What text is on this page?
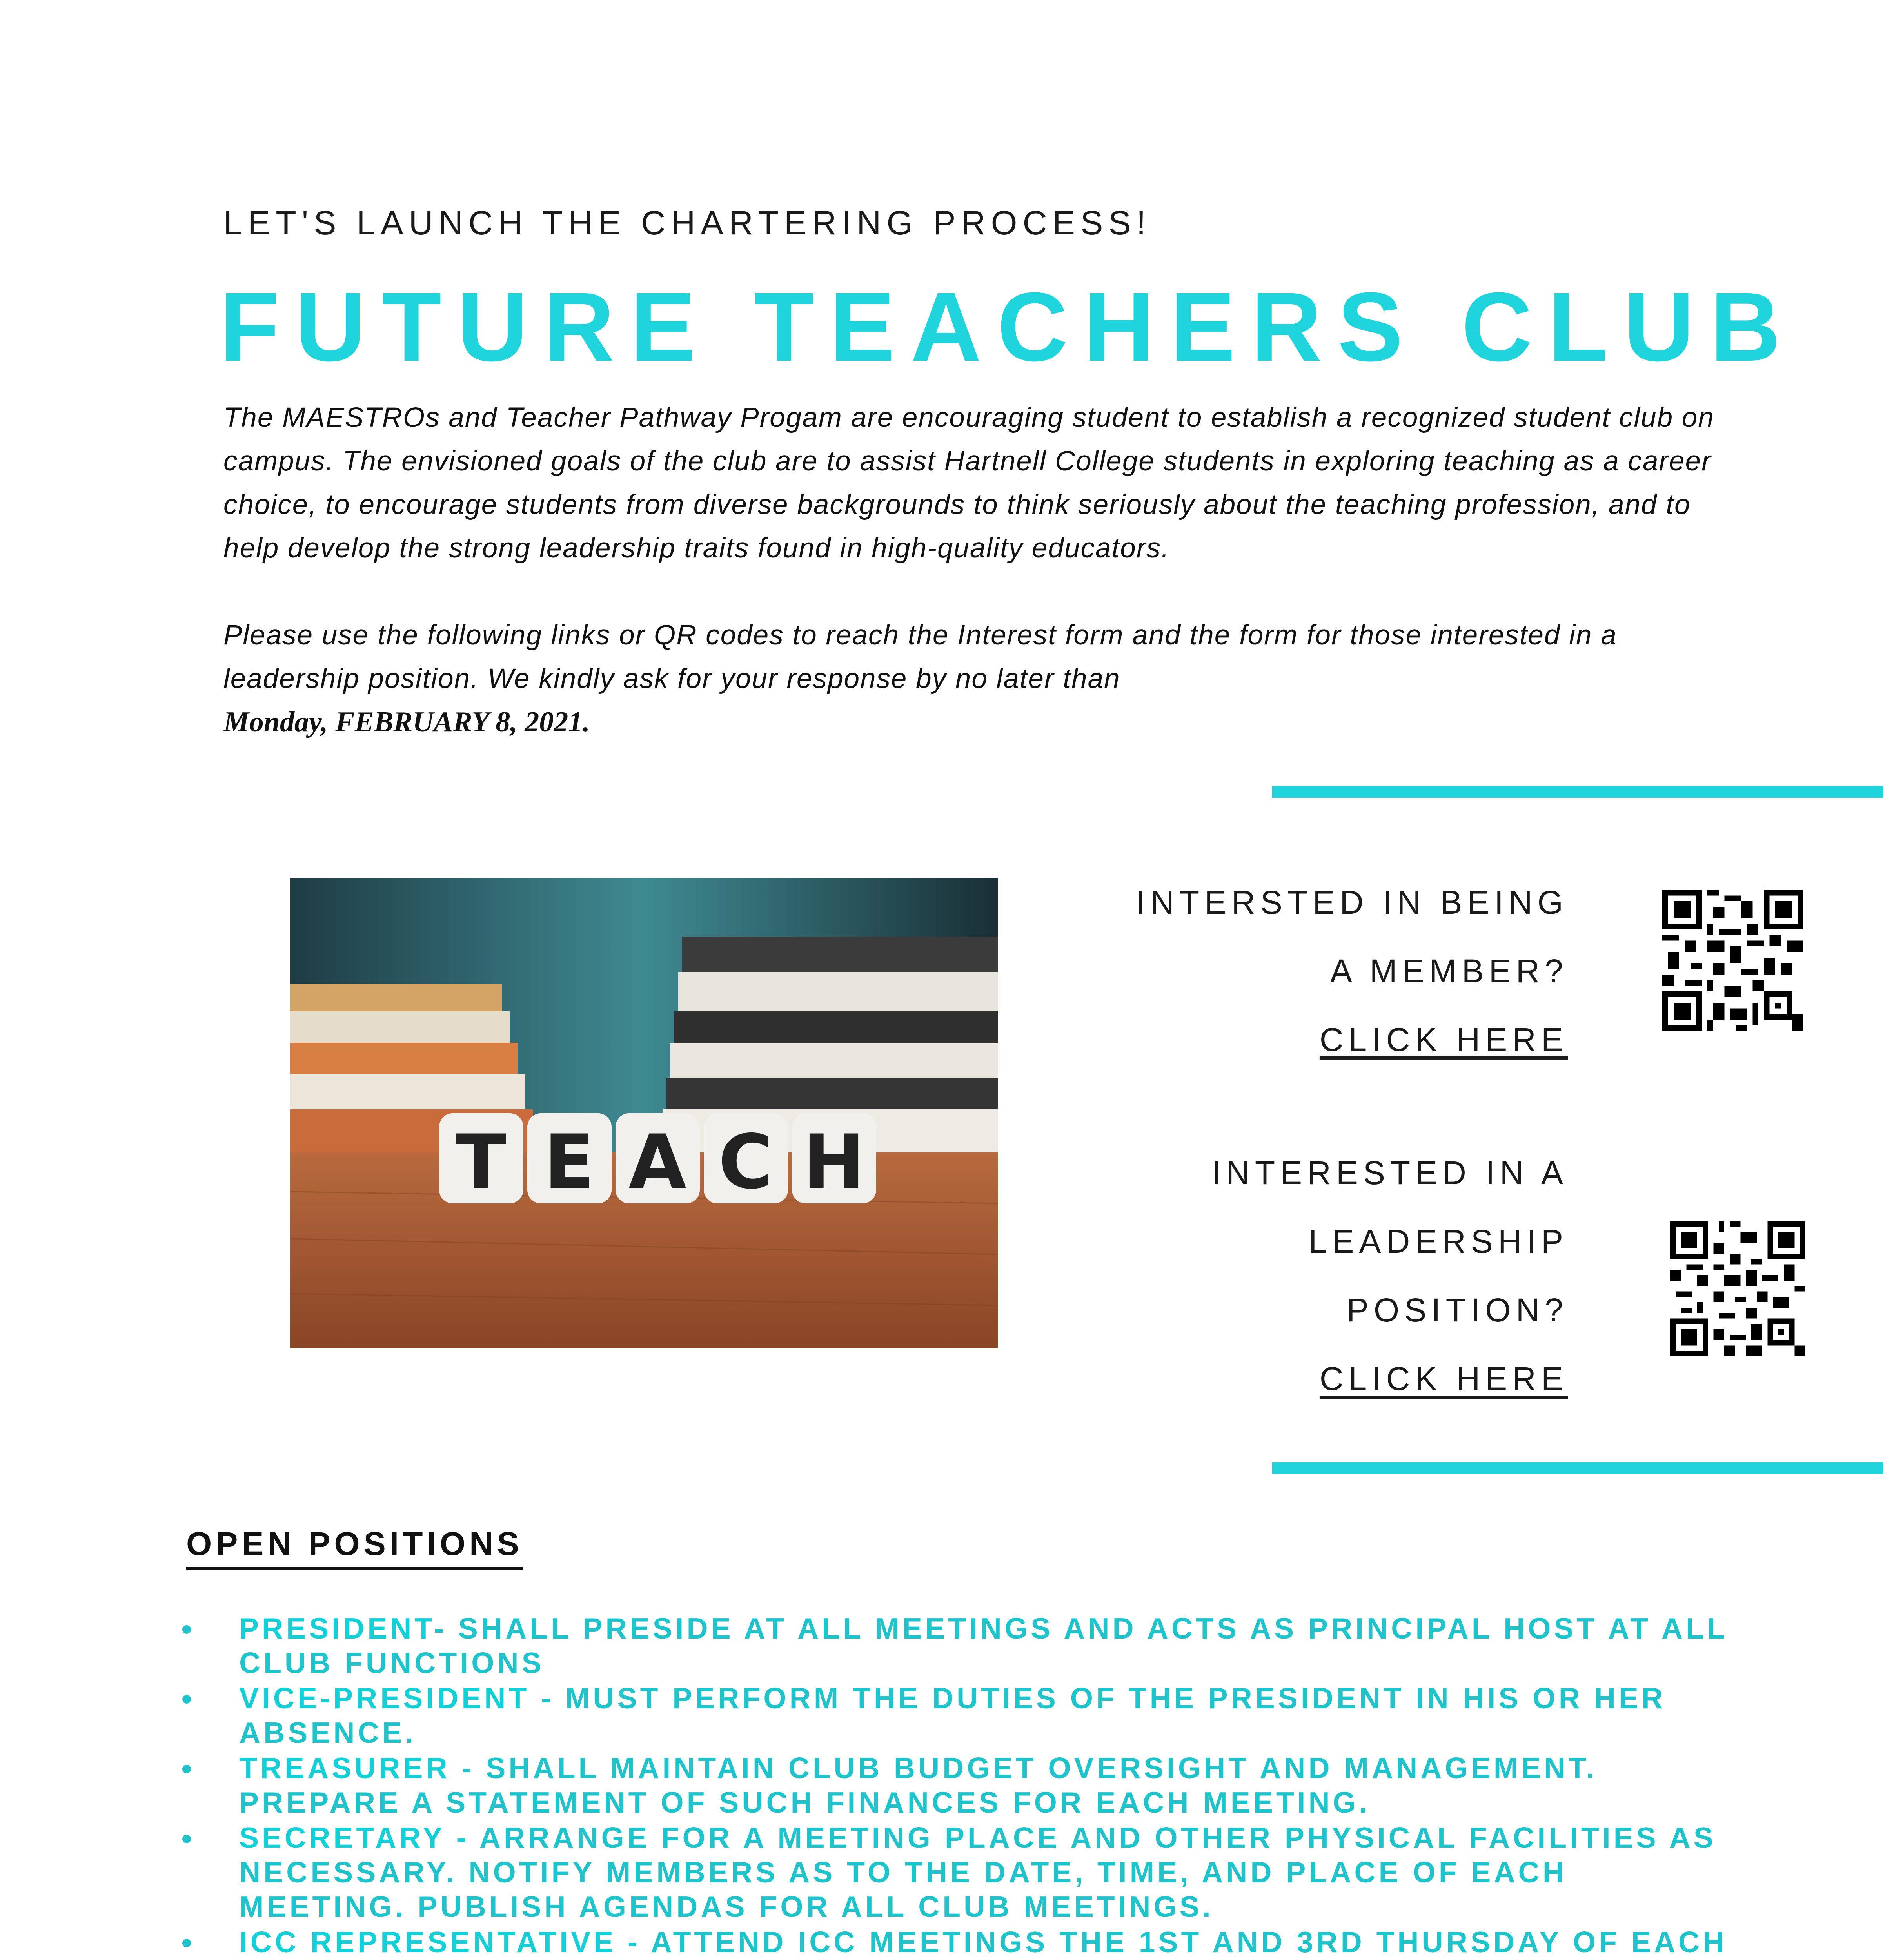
LET'S LAUNCH THE CHARTERING PROCESS!
FUTURE TEACHERS CLUB
The MAESTROs and Teacher Pathway Progam are encouraging student to establish a recognized student club on campus. The envisioned goals of the club are to assist Hartnell College students in exploring teaching as a career choice, to encourage students from diverse backgrounds to think seriously about the teaching profession, and to help develop the strong leadership traits found in high-quality educators.
Please use the following links or QR codes to reach the Interest form and the form for those interested in a leadership position. We kindly ask for your response by no later than
Monday, FEBRUARY 8, 2021.
T E A C H
INTERSTED IN BEING
A MEMBER?
CLICK HERE
INTERESTED IN A
LEADERSHIP
POSITION?
CLICK HERE
OPEN POSITIONS
PRESIDENT- SHALL PRESIDE AT ALL MEETINGS AND ACTS AS PRINCIPAL HOST AT ALL CLUB FUNCTIONS
VICE-PRESIDENT - MUST PERFORM THE DUTIES OF THE PRESIDENT IN HIS OR HER ABSENCE.
TREASURER - SHALL MAINTAIN CLUB BUDGET OVERSIGHT AND MANAGEMENT. PREPARE A STATEMENT OF SUCH FINANCES FOR EACH MEETING.
SECRETARY - ARRANGE FOR A MEETING PLACE AND OTHER PHYSICAL FACILITIES AS NECESSARY. NOTIFY MEMBERS AS TO THE DATE, TIME, AND PLACE OF EACH MEETING. PUBLISH AGENDAS FOR ALL CLUB MEETINGS.
ICC REPRESENTATIVE - ATTEND ICC MEETINGS THE 1ST AND 3RD THURSDAY OF EACH
